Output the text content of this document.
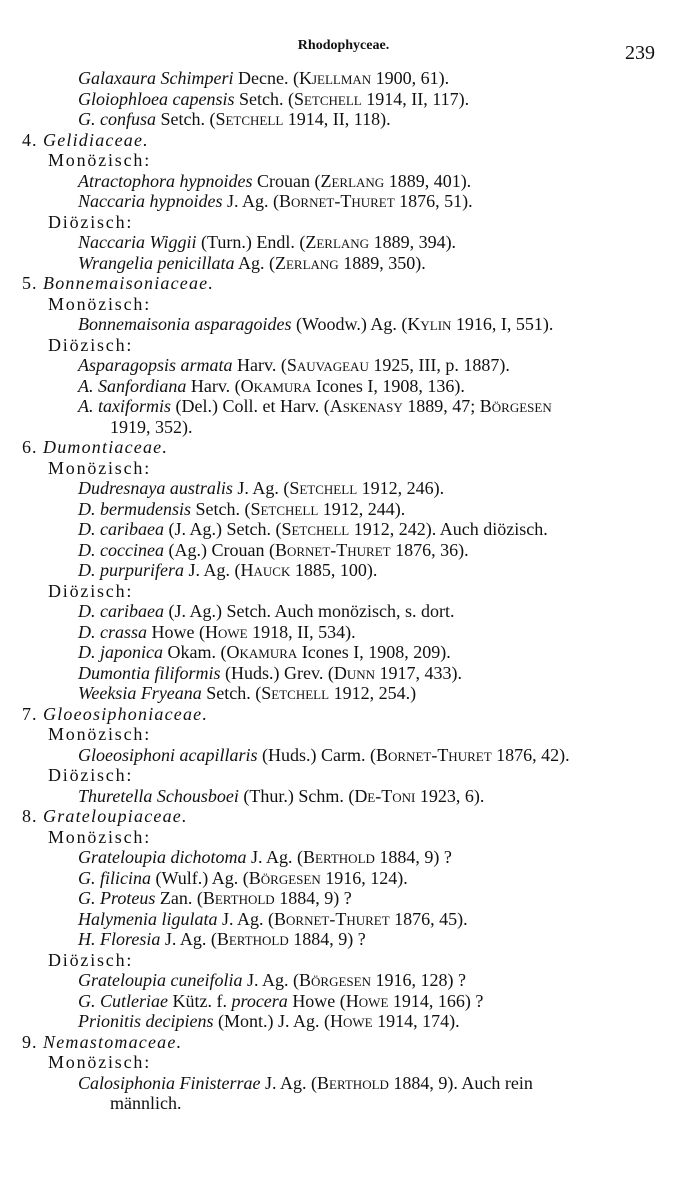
Rhodophyceae.	239
Galaxaura Schimperi Decne. (Kjellman 1900, 61).
Gloiophloea capensis Setch. (Setchell 1914, II, 117).
G. confusa Setch. (Setchell 1914, II, 118).
4. Gelidiaceae.
Monözisch:
Atractophora hypnoides Crouan (Zerlang 1889, 401).
Naccaria hypnoides J. Ag. (Bornet-Thuret 1876, 51).
Diözisch:
Naccaria Wiggii (Turn.) Endl. (Zerlang 1889, 394).
Wrangelia penicillata Ag. (Zerlang 1889, 350).
5. Bonnemaisoniaceae.
Monözisch:
Bonnemaisonia asparagoides (Woodw.) Ag. (Kylin 1916, I, 551).
Diözisch:
Asparagopsis armata Harv. (Sauvageau 1925, III, p. 1887).
A. Sanfordiana Harv. (Okamura Icones I, 1908, 136).
A. taxiformis (Del.) Coll. et Harv. (Askenasy 1889, 47; Börgesen
1919, 352).
6. Dumontiaceae.
Monözisch:
Dudresnaya australis J. Ag. (Setchell 1912, 246).
D. bermudensis Setch. (Setchell 1912, 244).
D. caribaea (J. Ag.) Setch. (Setchell 1912, 242). Auch diözisch.
D. coccinea (Ag.) Crouan (Bornet-Thuret 1876, 36).
D. purpurifera J. Ag. (Hauck 1885, 100).
Diözisch:
D. caribaea (J. Ag.) Setch. Auch monözisch, s. dort.
D. crassa Howe (Howe 1918, II, 534).
D. japonica Okam. (Okamura Icones I, 1908, 209).
Dumontia filiformis (Huds.) Grev. (Dunn 1917, 433).
Weeksia Fryeana Setch. (Setchell 1912, 254.)
7. Gloeosiphoniaceae.
Monözisch:
Gloeosiphoni acapillaris (Huds.) Carm. (Bornet-Thuret 1876, 42).
Diözisch:
Thuretella Schousboei (Thur.) Schm. (De-Toni 1923, 6).
8. Grateloupiaceae.
Monözisch:
Grateloupia dichotoma J. Ag. (Berthold 1884, 9) ?
G. filicina (Wulf.) Ag. (Börgesen 1916, 124).
G. Proteus Zan. (Berthold 1884, 9) ?
Halymenia ligulata J. Ag. (Bornet-Thuret 1876, 45).
H. Floresia J. Ag. (Berthold 1884, 9) ?
Diözisch:
Grateloupia cuneifolia J. Ag. (Börgesen 1916, 128) ?
G. Cutleriae Kütz. f. procera Howe (Howe 1914, 166) ?
Prionitis decipiens (Mont.) J. Ag. (Howe 1914, 174).
9. Nemastomaceae.
Monözisch:
Calosiphonia Finisterrae J. Ag. (Berthold 1884, 9). Auch rein
männlich.
